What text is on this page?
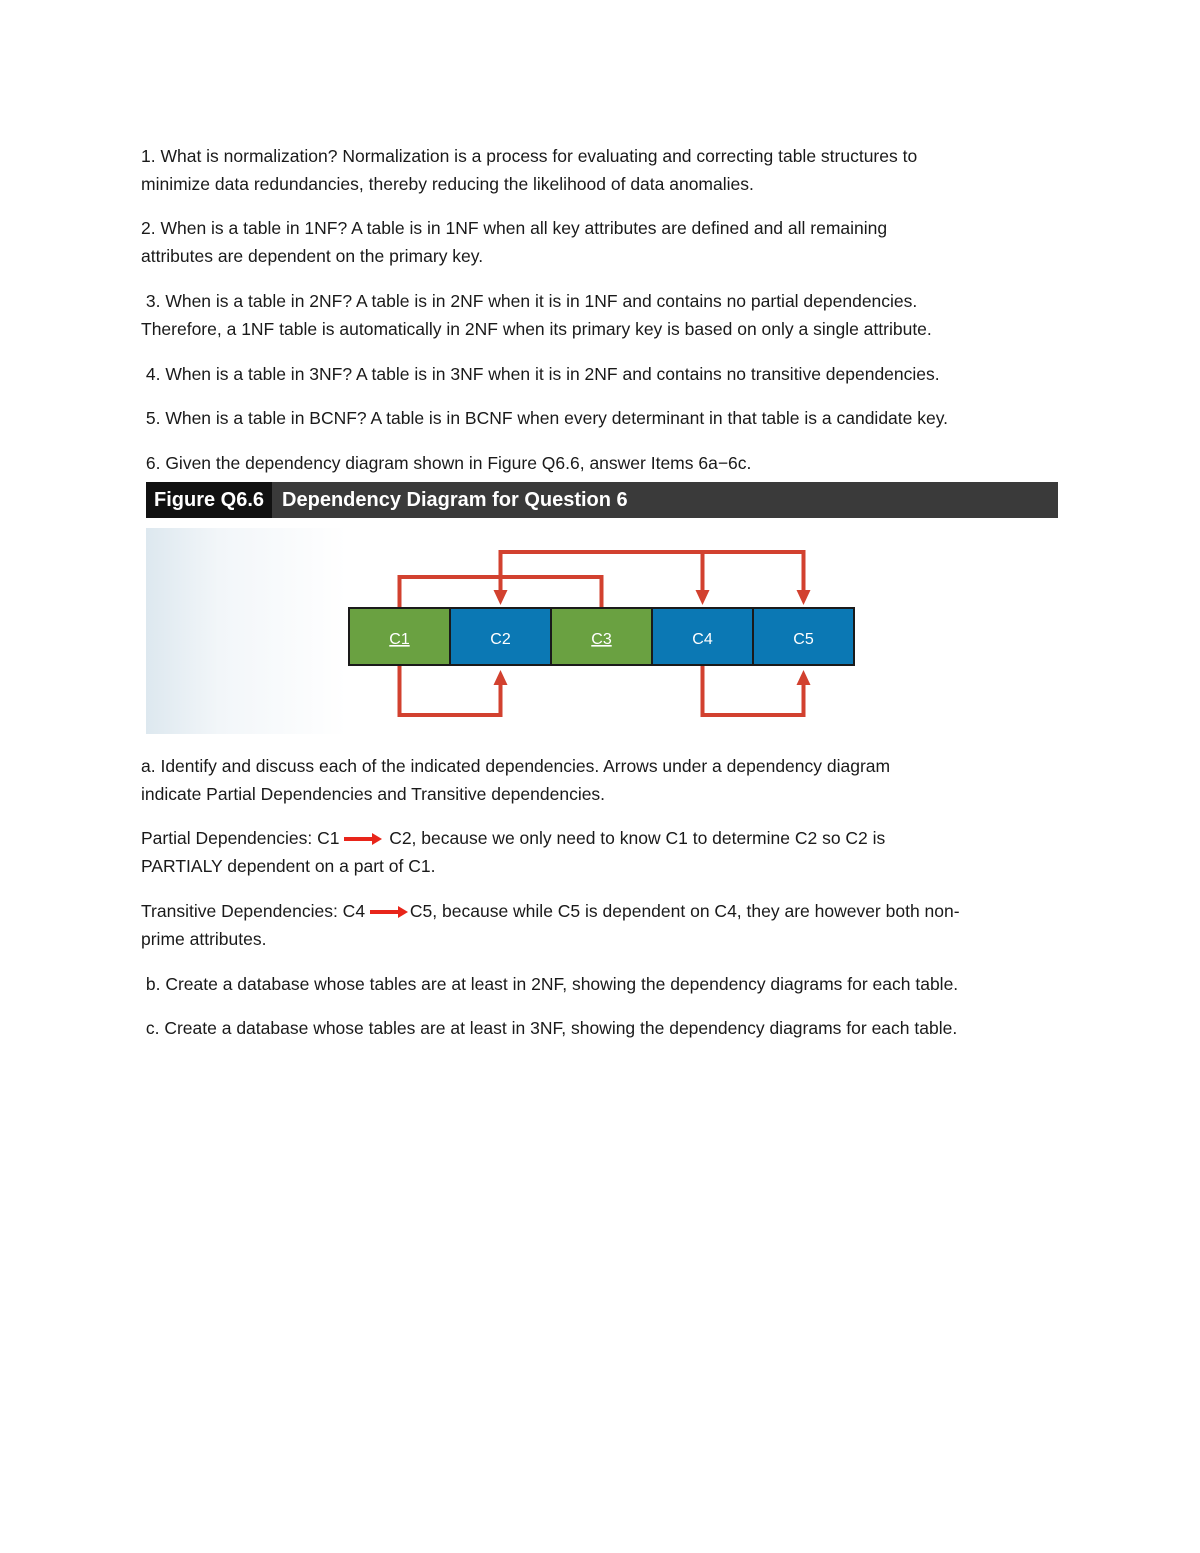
1. What is normalization? Normalization is a process for evaluating and correcting table structures to
minimize data redundancies, thereby reducing the likelihood of data anomalies.

2. When is a table in 1NF? A table is in 1NF when all key attributes are defined and all remaining
attributes are dependent on the primary key.

3. When is a table in 2NF? A table is in 2NF when it is in 1NF and contains no partial dependencies.
Therefore, a 1NF table is automatically in 2NF when its primary key is based on only a single attribute.

4. When is a table in 3NF? A table is in 3NF when it is in 2NF and contains no transitive dependencies.

5. When is a table in BCNF? A table is in BCNF when every determinant in that table is a candidate key.

6. Given the dependency diagram shown in Figure Q6.6, answer Items 6a−6c.

Figure Q6.6 Dependency Diagram for Question 6
C1	C2	C3	C4	C5

a. Identify and discuss each of the indicated dependencies. Arrows under a dependency diagram
indicate Partial Dependencies and Transitive dependencies.

Partial Dependencies: C1	C2, because we only need to know C1 to determine C2 so C2 is
PARTIALY dependent on a part of C1.

Transitive Dependencies: C4 C5, because while C5 is dependent on C4, they are however both non-
prime attributes.

b. Create a database whose tables are at least in 2NF, showing the dependency diagrams for each table.

c. Create a database whose tables are at least in 3NF, showing the dependency diagrams for each table.
